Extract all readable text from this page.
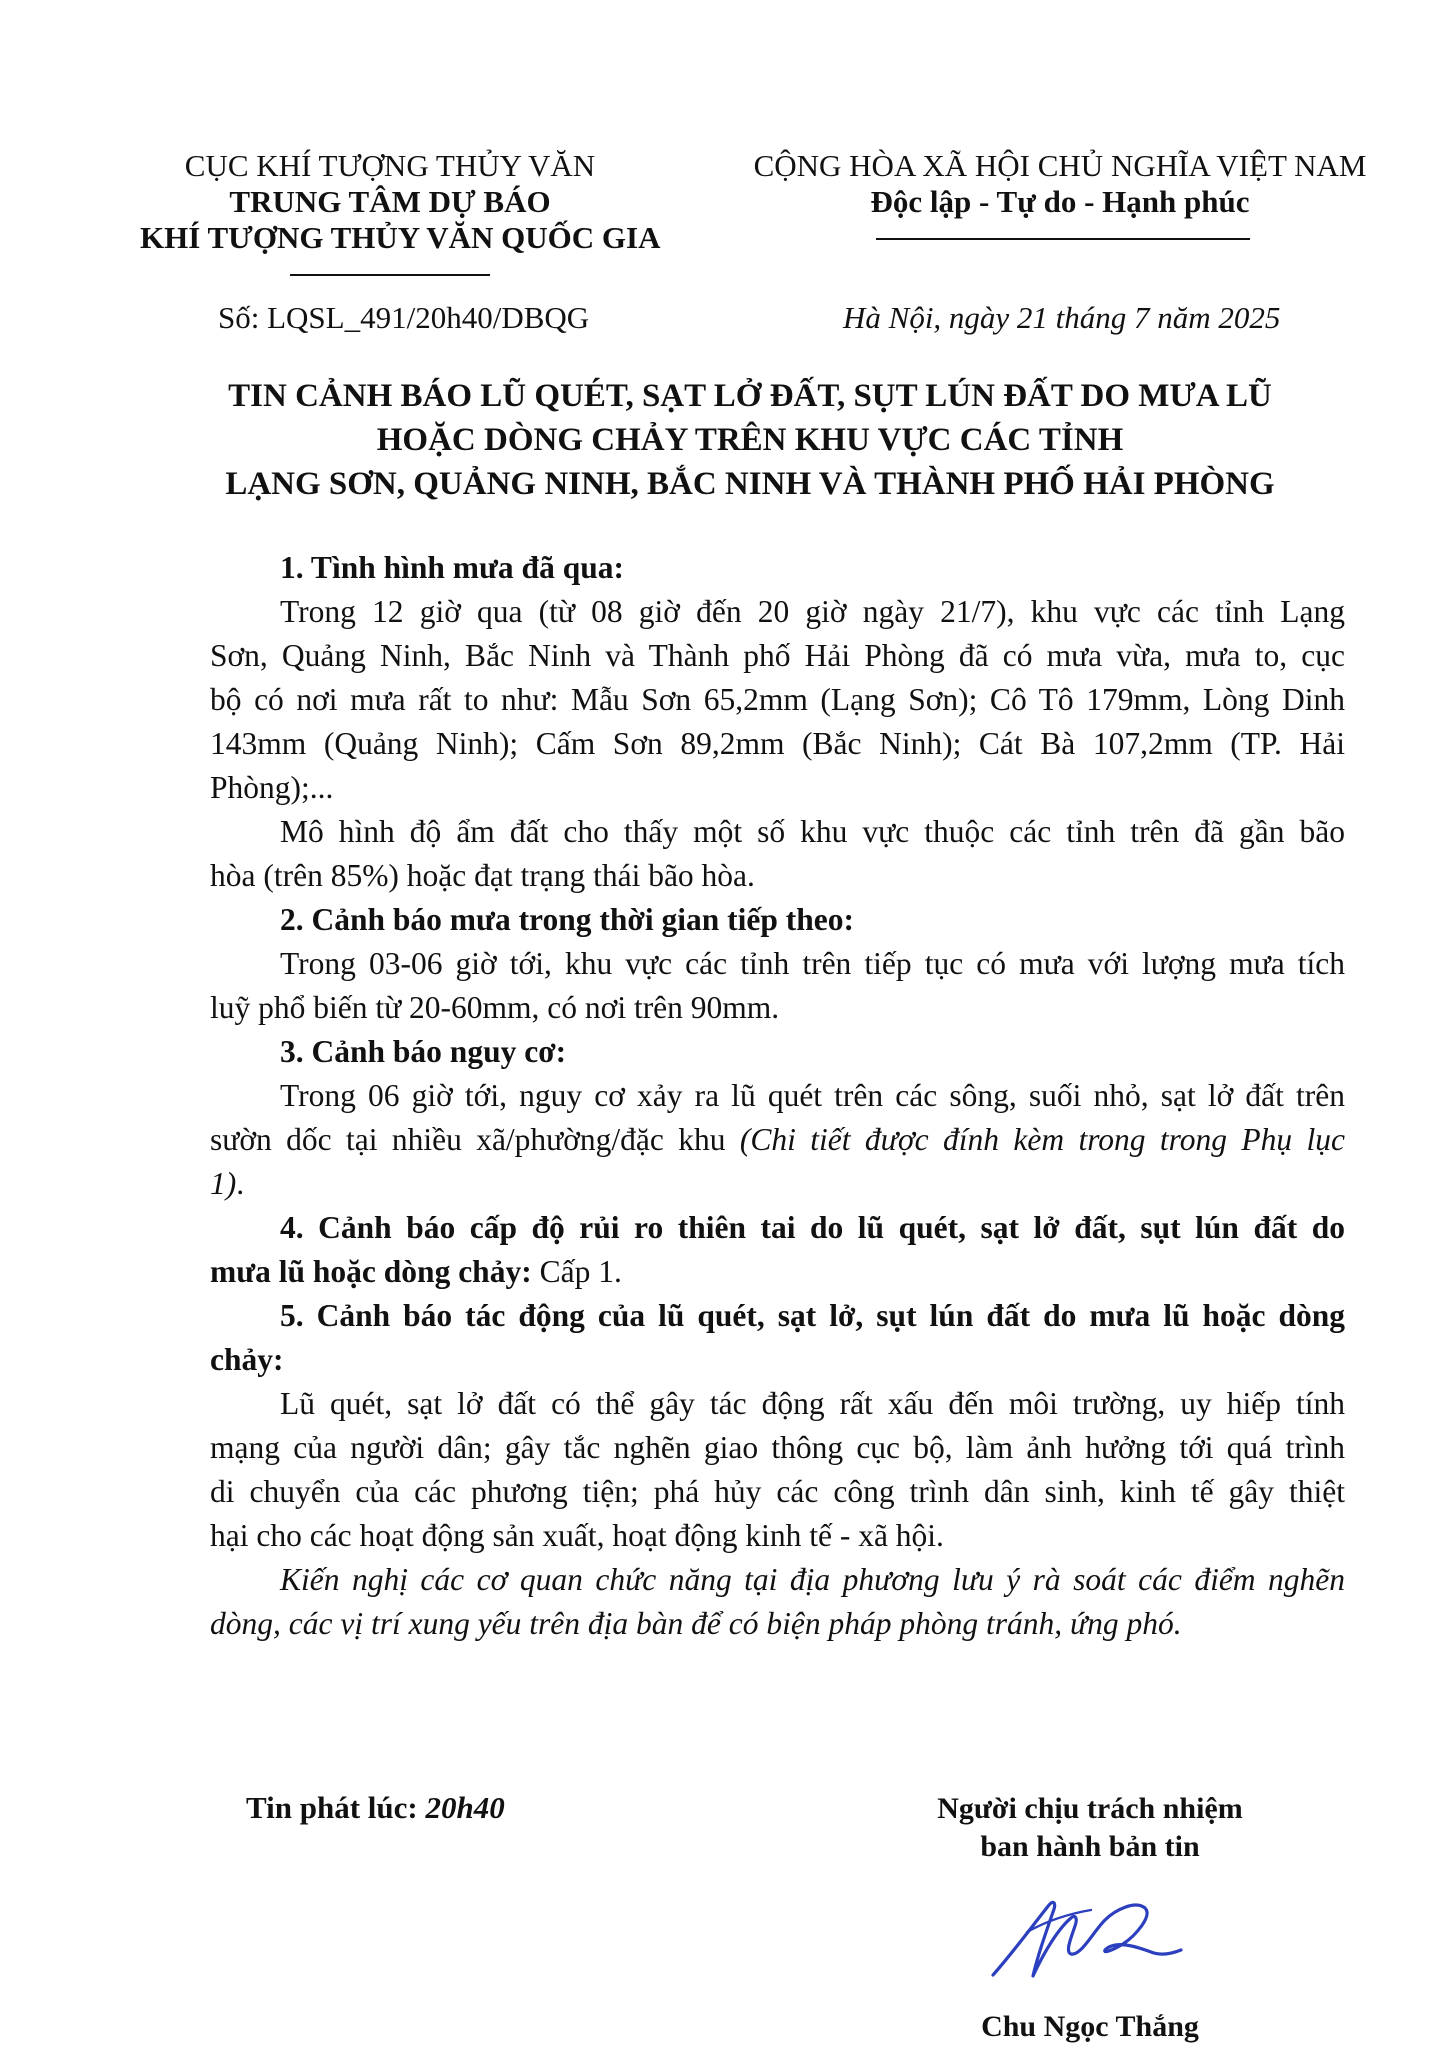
CỤC KHÍ TƯỢNG THỦY VĂN
TRUNG TÂM DỰ BÁO
KHÍ TƯỢNG THỦY VĂN QUỐC GIA
Số: LQSL_491/20h40/DBQG
CỘNG HÒA XÃ HỘI CHỦ NGHĨA VIỆT NAM
Độc lập - Tự do - Hạnh phúc
Hà Nội, ngày 21 tháng 7 năm 2025
TIN CẢNH BÁO LŨ QUÉT, SẠT LỞ ĐẤT, SỤT LÚN ĐẤT DO MƯA LŨ
HOẶC DÒNG CHẢY TRÊN KHU VỰC CÁC TỈNH
LẠNG SƠN, QUẢNG NINH, BẮC NINH VÀ THÀNH PHỐ HẢI PHÒNG
1. Tình hình mưa đã qua:
Trong 12 giờ qua (từ 08 giờ đến 20 giờ ngày 21/7), khu vực các tỉnh Lạng
Sơn, Quảng Ninh, Bắc Ninh và Thành phố Hải Phòng đã có mưa vừa, mưa to, cục
bộ có nơi mưa rất to như: Mẫu Sơn 65,2mm (Lạng Sơn); Cô Tô 179mm, Lòng Dinh
143mm (Quảng Ninh); Cấm Sơn 89,2mm (Bắc Ninh); Cát Bà 107,2mm (TP. Hải
Phòng);...
Mô hình độ ẩm đất cho thấy một số khu vực thuộc các tỉnh trên đã gần bão
hòa (trên 85%) hoặc đạt trạng thái bão hòa.
2. Cảnh báo mưa trong thời gian tiếp theo:
Trong 03-06 giờ tới, khu vực các tỉnh trên tiếp tục có mưa với lượng mưa tích
luỹ phổ biến từ 20-60mm, có nơi trên 90mm.
3. Cảnh báo nguy cơ:
Trong 06 giờ tới, nguy cơ xảy ra lũ quét trên các sông, suối nhỏ, sạt lở đất trên
sườn dốc tại nhiều xã/phường/đặc khu (Chi tiết được đính kèm trong trong Phụ lục
1).
4. Cảnh báo cấp độ rủi ro thiên tai do lũ quét, sạt lở đất, sụt lún đất do
mưa lũ hoặc dòng chảy: Cấp 1.
5. Cảnh báo tác động của lũ quét, sạt lở, sụt lún đất do mưa lũ hoặc dòng
chảy:
Lũ quét, sạt lở đất có thể gây tác động rất xấu đến môi trường, uy hiếp tính
mạng của người dân; gây tắc nghẽn giao thông cục bộ, làm ảnh hưởng tới quá trình
di chuyển của các phương tiện; phá hủy các công trình dân sinh, kinh tế gây thiệt
hại cho các hoạt động sản xuất, hoạt động kinh tế - xã hội.
Kiến nghị các cơ quan chức năng tại địa phương lưu ý rà soát các điểm nghẽn
dòng, các vị trí xung yếu trên địa bàn để có biện pháp phòng tránh, ứng phó.
Tin phát lúc: 20h40	Người chịu trách nhiệm
ban hành bản tin
Chu Ngọc Thắng
